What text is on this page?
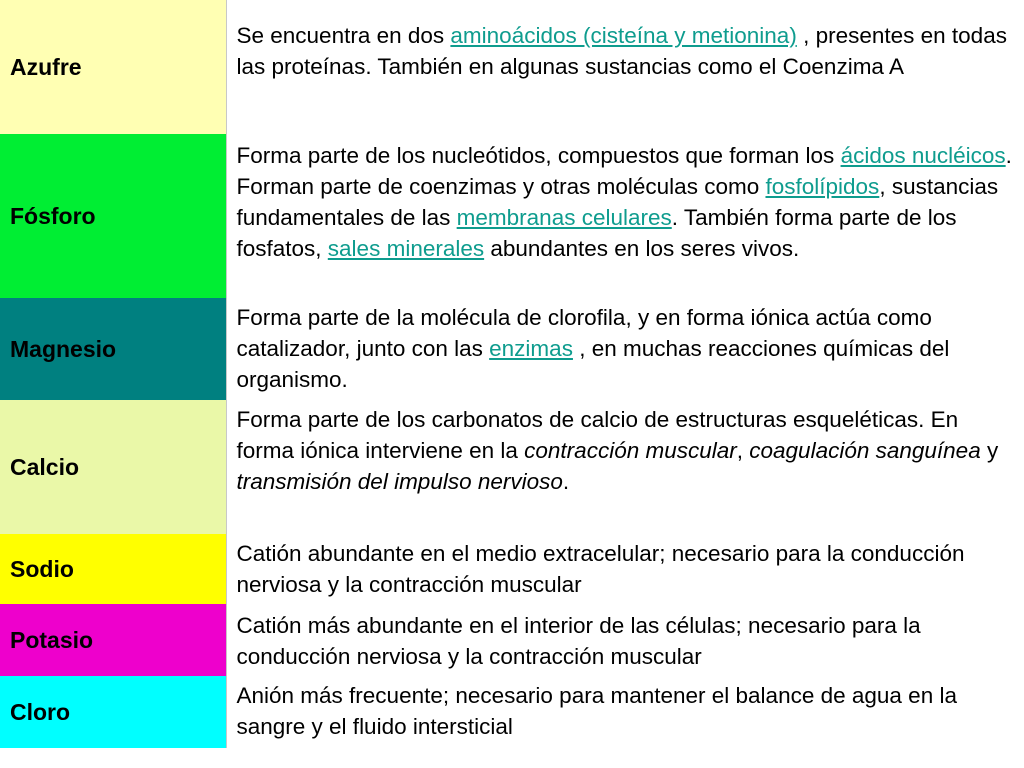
Azufre	Se encuentra en dos aminoácidos (cisteína y metionina) , presentes en todas las proteínas. También en algunas sustancias como el Coenzima A

Fósforo	Forma parte de los nucleótidos, compuestos que forman los ácidos nucléicos. Forman parte de coenzimas y otras moléculas como fosfolípidos, sustancias fundamentales de las membranas celulares. También forma parte de los fosfatos, sales minerales abundantes en los seres vivos.

Magnesio	Forma parte de la molécula de clorofila, y en forma iónica actúa como catalizador, junto con las enzimas , en muchas reacciones químicas del organismo.

Calcio	Forma parte de los carbonatos de calcio de estructuras esqueléticas. En forma iónica interviene en la contracción muscular, coagulación sanguínea y transmisión del impulso nervioso.

Sodio	Catión abundante en el medio extracelular; necesario para la conducción nerviosa y la contracción muscular

Potasio	Catión más abundante en el interior de las células; necesario para la conducción nerviosa y la contracción muscular

Cloro	Anión más frecuente; necesario para mantener el balance de agua en la sangre y el fluido intersticial
